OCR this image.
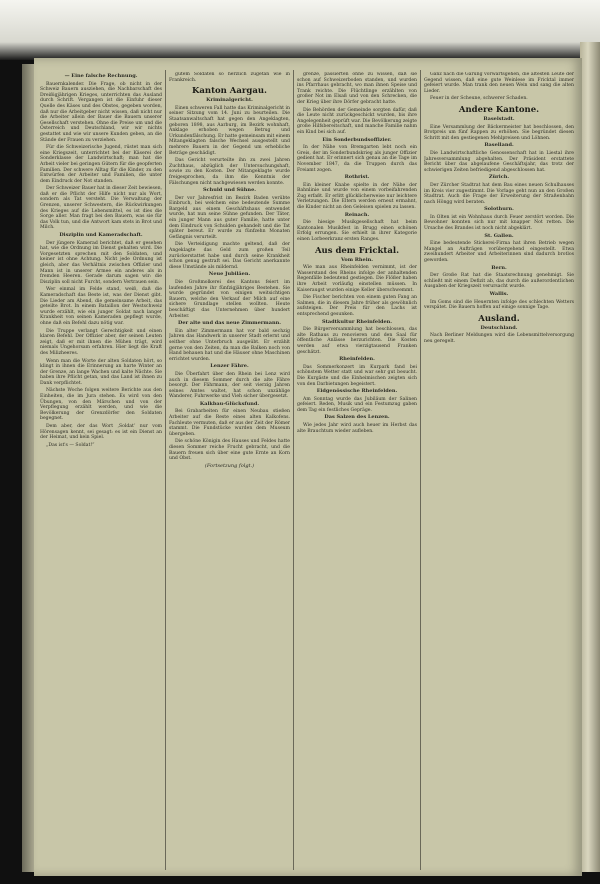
— Eine falsche Rechnung.

Bauernkalender. Die Frage, ob nicht in der Schweiz Bauern ausziehen, die Nachbarschaft des Dreißigjährigen Krieges, unterrichten das Ausland durch Schrift. Vergangen ist die Einfuhr dieser Quelle des Käses und des Obstes, gegeben worden, daß nur die Arbeitgeber nicht wissen, daß nicht nur die Arbeiter allein der Bauer die Bauern unserer Gesellschaft verstehen. Ohne die Preise um und die Österreich und Deutschland, wir wir nichts gestattet und wie wir unsere Kunden geben, an die Stände der Frauen zu verziehen.

Für die Schweizerische Jugend, rüstet man sich eine Kriegszeit, unterrichtet bei der Käserei der Sonderklasse der Landwirtschaft; man hat die Arbeit vieler bei geringen Gütern für die geopferten Familien. Der schwere Alltag für die Kinder, zu den Entwürfen der Arbeiter und Familien, die unter dem Eindruck der Not standen.

Der Schweizer Bauer hat in dieser Zeit bewiesen, daß er die Pflicht der Hilfe nicht nur als Wort, sondern als Tat versteht. Die Verwaltung der Grenzen, unserer Schwestern, die Rückwirkungen des Krieges auf die Lebensmittel, es ist dies die Sorge aller. Man fragt bei den Bauern, was sie für das Volk tun, und die Antwort kam stets in Brot und Milch.

Disziplin und Kameradschaft.

Der jüngere Kamerad berichtet, daß er gesehen hat, wie die Ordnung im Dienst gehalten wird. Die Vorgesetzten sprechen mit den Soldaten, und keiner ist ohne Achtung. Nicht jede Ordnung ist gleich, aber das Verhältnis zwischen Offizier und Mann ist in unserer Armee ein anderes als in fremden Heeren. Gerade darum sagen wir: die Disziplin soll nicht Furcht, sondern Vertrauen sein.

Wer einmal im Felde stand, weiß, daß die Kameradschaft das Beste ist, was der Dienst gibt. Die Lieder am Abend, die gemeinsame Arbeit, das geteilte Brot. In einem Bataillon der Westschweiz wurde erzählt, wie ein junger Soldat nach langer Krankheit von seinen Kameraden gepflegt wurde, ohne daß ein Befehl dazu nötig war.

Die Truppe verlangt Gerechtigkeit und einen klaren Befehl. Der Offizier aber, der seinen Leuten zeigt, daß er mit ihnen die Mühen trägt, wird niemals Ungehorsam erfahren. Hier liegt die Kraft des Milizheeres.

Wenn man die Worte der alten Soldaten hört, so klingt in ihnen die Erinnerung an harte Winter an der Grenze, an lange Wachen und kalte Nächte. Sie haben ihre Pflicht getan, und das Land ist ihnen zu Dank verpflichtet.

Nächste Woche folgen weitere Berichte aus den Einheiten, die im Jura stehen. Es wird von den Übungen, von den Märschen und von der Verpflegung erzählt werden, und wie die Bevölkerung der Grenzdörfer den Soldaten begegnet.

Dem aber, der das Wort ‚Soldat‘ nur vom Hörensagen kennt, sei gesagt: es ist ein Dienst an der Heimat, und kein Spiel.

„Das ist's — Soldat!“

gutem Soldaten so herzlich zugetan wie in Frankreich.

Kanton Aargau.
Kriminalgericht.

Einen schweren Fall hatte das Kriminalgericht in seiner Sitzung vom 14. Juni zu beurteilen. Die Staatsanwaltschaft hat gegen den Angeklagten, geboren 1898, aus Aarburg, im Bezirk wohnhaft, Anklage erhoben wegen Betrug und Urkundenfälschung. Er hatte gemeinsam mit einem Mitangeklagten falsche Wechsel ausgestellt und mehrere Bauern in der Gegend um erhebliche Beträge geschädigt.

Das Gericht verurteilte ihn zu zwei Jahren Zuchthaus, abzüglich der Untersuchungshaft, sowie zu den Kosten. Der Mitangeklagte wurde freigesprochen, da ihm die Kenntnis der Fälschungen nicht nachgewiesen werden konnte.

Schuld und Sühne.

Der vor Jahresfrist im Bezirk Baden verübte Einbruch, bei welchem eine bedeutende Summe Bargeld aus einem Geschäftshaus entwendet wurde, hat nun seine Sühne gefunden. Der Täter, ein junger Mann aus guter Familie, hatte unter dem Eindruck von Schulden gehandelt und die Tat später bereut. Er wurde zu fünfzehn Monaten Gefängnis verurteilt.

Die Verteidigung machte geltend, daß der Angeklagte das Geld zum großen Teil zurückerstattet habe und durch seine Krankheit schon genug gestraft sei. Das Gericht anerkannte diese Umstände als mildernd.

Neue Jubiläen.

Die Großmolkerei des Kantons feiert im laufenden Jahre ihr fünfzigjähriges Bestehen. Sie wurde gegründet von einigen weitsichtigen Bauern, welche den Verkauf der Milch auf eine sichere Grundlage stellen wollten. Heute beschäftigt das Unternehmen über hundert Arbeiter.

Der alte und das neue Zimmermann.

Ein alter Zimmermann hat vor bald sechzig Jahren das Handwerk in unserer Stadt erlernt und seither ohne Unterbruch ausgeübt. Er erzählt gerne von den Zeiten, da man die Balken noch von Hand behauen hat und die Häuser ohne Maschinen errichtet wurden.

Lenzer Fähre.

Die Überfahrt über den Rhein bei Lenz wird auch in diesem Sommer durch die alte Fähre besorgt. Der Fährmann, der seit vierzig Jahren seines Amtes waltet, hat schon unzählige Wanderer, Fuhrwerke und Vieh sicher übergesetzt.

Kalkbau-Glücksfund.

Bei Grabarbeiten für einen Neubau stießen Arbeiter auf die Reste eines alten Kalkofens. Fachleute vermuten, daß er aus der Zeit der Römer stammt. Die Fundstücke wurden dem Museum übergeben.

Die schöne Königin des Hauses und Feldes hatte diesen Sommer reiche Frucht gebracht, und die Bauern freuen sich über eine gute Ernte an Korn und Obst.

(Fortsetzung folgt.)

grenze, passierten ohne zu wissen, daß sie schon auf Schweizerboden standen, und wurden ins Pfarrhaus gebracht, wo man ihnen Speise und Trank reichte. Die Flüchtlinge erzählten von großer Not im Elsaß und von den Schrecken, die der Krieg über ihre Dörfer gebracht hatte.

Die Behörden der Gemeinde sorgten dafür, daß die Leute nicht zurückgeschickt wurden, bis ihre Angelegenheit geprüft war. Die Bevölkerung zeigte große Hilfsbereitschaft, und manche Familie nahm ein Kind bei sich auf.

Ein Sonderbundsoffizier.

In der Nähe von Bremgarten lebt noch ein Greis, der im Sonderbundskrieg als junger Offizier gedient hat. Er erinnert sich genau an die Tage im November 1847, da die Truppen durch das Freiamt zogen.

Rothrist.

Ein kleiner Knabe spielte in der Nähe der Bahnlinie und wurde von einem vorbeifahrenden Zug erfaßt. Er erlitt glücklicherweise nur leichtere Verletzungen. Die Eltern werden erneut ermahnt, die Kinder nicht an den Geleisen spielen zu lassen.

Reinach.

Die hiesige Musikgesellschaft hat beim Kantonalen Musikfest in Brugg einen schönen Erfolg errungen. Sie erhielt in ihrer Kategorie einen Lorbeerkranz ersten Ranges.

Aus dem Fricktal.
Vom Rhein.

Wie man aus Rheinfelden vernimmt, ist der Wasserstand des Rheins infolge der anhaltenden Regenfälle bedeutend gestiegen. Die Flößer haben ihre Arbeit vorläufig einstellen müssen. In Kaiseraugst wurden einige Keller überschwemmt.

Die Fischer berichten von einem guten Fang an Salmen, die in diesem Jahre früher als gewöhnlich aufsteigen. Der Preis für den Lachs ist entsprechend gesunken.

Stadtkultur Rheinfelden.

Die Bürgerversammlung hat beschlossen, das alte Rathaus zu renovieren und den Saal für öffentliche Anlässe herzurichten. Die Kosten werden auf etwa vierzigtausend Franken geschätzt.

Rheinfelden.

Das Sommerkonzert im Kurpark fand bei schönstem Wetter statt und war sehr gut besucht. Die Kurgäste und die Einheimischen zeigten sich von den Darbietungen begeistert.

Eidgenössische Rheinfelden.

Am Sonntag wurde das Jubiläum der Salinen gefeiert. Reden, Musik und ein Festumzug gaben dem Tag ein festliches Gepräge.

Das Salzen des Lenzen.

Wie jedes Jahr wird auch heuer im Herbst das alte Brauchtum wieder aufleben.

Ganz nach die Gärung vorwärtsgehen, die ältesten Leute der Gegend wissen, daß eine gute Weinlese im Fricktal immer gefeiert wurde. Man trank den neuen Wein und sang die alten Lieder.

Feuer in der Scheune, schwerer Schaden.

Andere Kantone.
Baselstadt.

Eine Versammlung der Bäckermeister hat beschlossen, den Brotpreis um fünf Rappen zu erhöhen. Sie begründet diesen Schritt mit den gestiegenen Mehlpreisen und Löhnen.

Baselland.

Die Landwirtschaftliche Genossenschaft hat in Liestal ihre Jahresversammlung abgehalten. Der Präsident erstattete Bericht über das abgelaufene Geschäftsjahr, das trotz der schwierigen Zeiten befriedigend abgeschlossen hat.

Zürich.

Der Zürcher Stadtrat hat dem Bau eines neuen Schulhauses im Kreis vier zugestimmt. Die Vorlage geht nun an den Großen Stadtrat. Auch die Frage der Erweiterung der Straßenbahn nach Höngg wird beraten.

Solothurn.

In Olten ist ein Wohnhaus durch Feuer zerstört worden. Die Bewohner konnten sich nur mit knapper Not retten. Die Ursache des Brandes ist noch nicht abgeklärt.

St. Gallen.

Eine bedeutende Stickerei-Firma hat ihren Betrieb wegen Mangel an Aufträgen vorübergehend eingestellt. Etwa zweihundert Arbeiter und Arbeiterinnen sind dadurch brotlos geworden.

Bern.

Der Große Rat hat die Staatsrechnung genehmigt. Sie schließt mit einem Defizit ab, das durch die außerordentlichen Ausgaben der Kriegszeit verursacht wurde.

Wallis.

Im Goms sind die Heuernten infolge des schlechten Wetters verspätet. Die Bauern hoffen auf einige sonnige Tage.

Ausland.
Deutschland.

Nach Berliner Meldungen wird die Lebensmittelversorgung neu geregelt.
